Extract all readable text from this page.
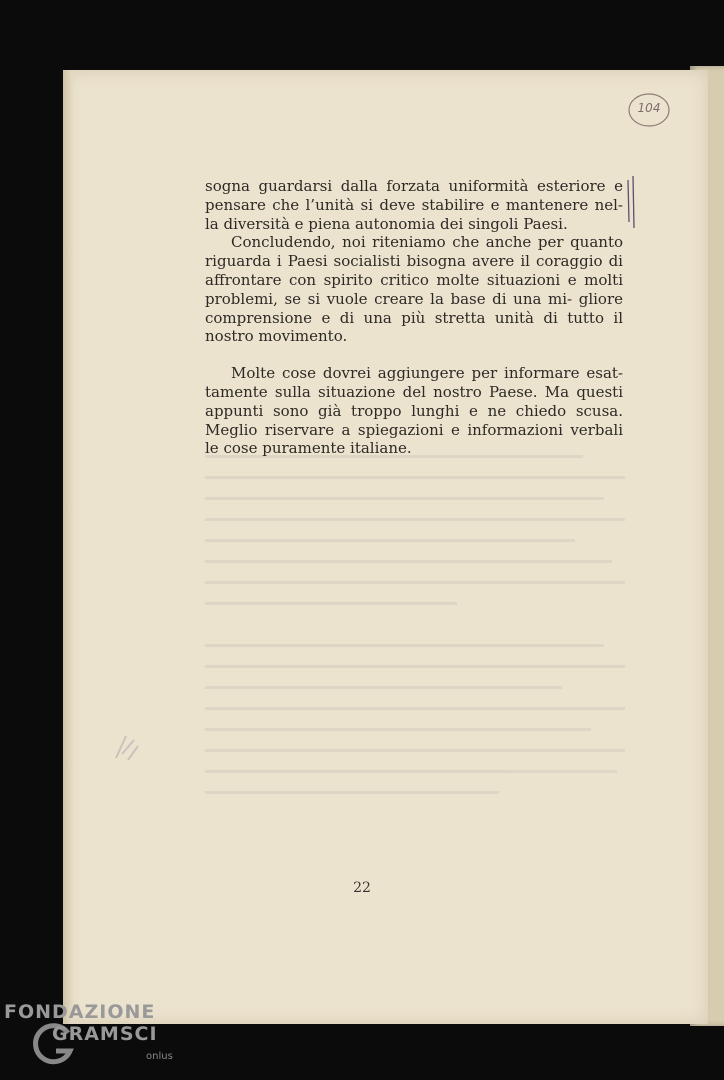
sogna guardarsi dalla forzata uniformità esteriore e pensare che l’unità si deve stabilire e mantenere nel- la diversità e piena autonomia dei singoli Paesi.

Concludendo, noi riteniamo che anche per quanto riguarda i Paesi socialisti bisogna avere il coraggio di affrontare con spirito critico molte situazioni e molti problemi, se si vuole creare la base di una mi- gliore comprensione e di una più stretta unità di tutto il nostro movimento.

Molte cose dovrei aggiungere per informare esat- tamente sulla situazione del nostro Paese. Ma questi appunti sono già troppo lunghi e ne chiedo scusa. Meglio riservare a spiegazioni e informazioni verbali le cose puramente italiane.

22
104
FONDAZIONE
GRAMSCI
onlus
